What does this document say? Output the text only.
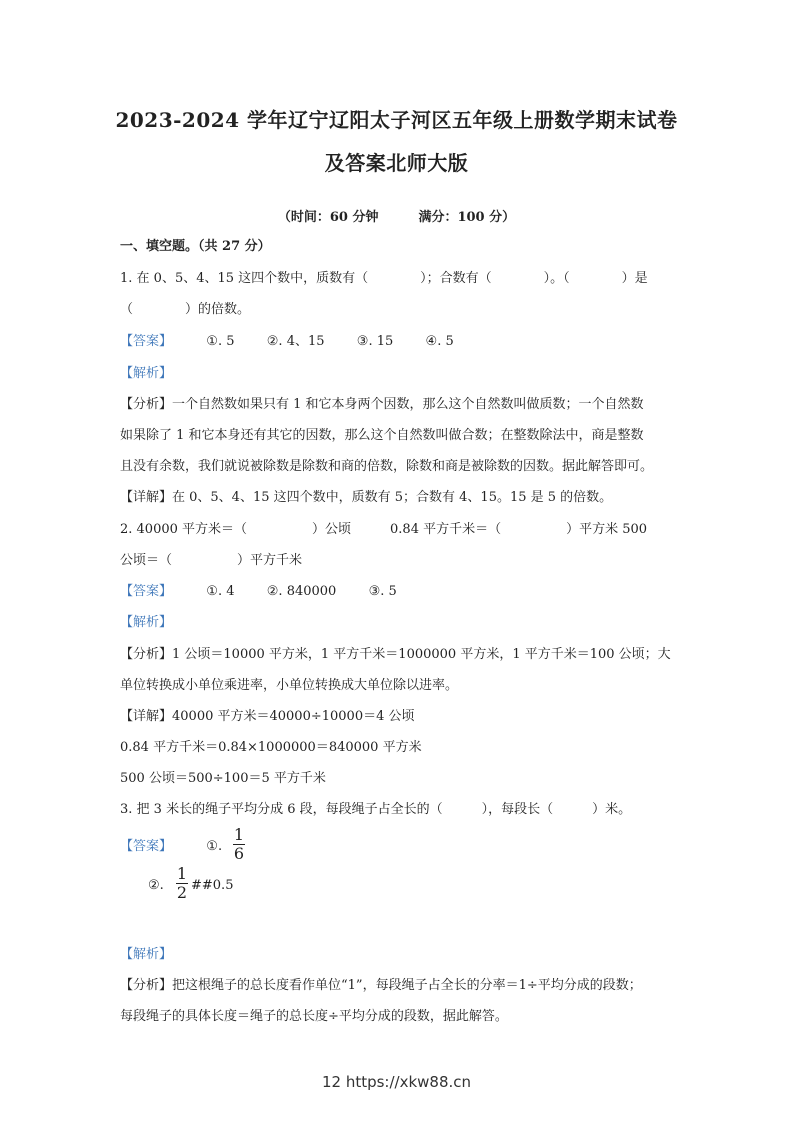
2023-2024 学年辽宁辽阳太子河区五年级上册数学期末试卷
及答案北师大版
（时间：60 分钟	满分：100 分）
一、填空题。（共 27 分）
1. 在 0、5、4、15 这四个数中，质数有（　　　　）；合数有（　　　　）。（　　　　）是
（　　　　）的倍数。
【答案】	①. 5 ②. 4、15 ③. 15 ④. 5
【解析】
【分析】一个自然数如果只有 1 和它本身两个因数，那么这个自然数叫做质数；一个自然数
如果除了 1 和它本身还有其它的因数，那么这个自然数叫做合数；在整数除法中，商是整数
且没有余数，我们就说被除数是除数和商的倍数，除数和商是被除数的因数。据此解答即可。
【详解】在 0、5、4、15 这四个数中，质数有 5；合数有 4、15。15 是 5 的倍数。
2. 40000 平方米＝（　　　　　）公顷　　　0.84 平方千米＝（　　　　　）平方米 500
公顷＝（　　　　　）平方千米
【答案】	①. 4 ②. 840000 ③. 5
【解析】
【分析】1 公顷＝10000 平方米，1 平方千米＝1000000 平方米，1 平方千米＝100 公顷；大
单位转换成小单位乘进率，小单位转换成大单位除以进率。
【详解】40000 平方米＝40000÷10000＝4 公顷
0.84 平方千米＝0.84×1000000＝840000 平方米
500 公顷＝500÷100＝5 平方千米
3. 把 3 米长的绳子平均分成 6 段，每段绳子占全长的（　　　），每段长（　　　）米。
【答案】	①.
1
6
②.
1
2 ##0.5
【解析】
【分析】把这根绳子的总长度看作单位“1”，每段绳子占全长的分率＝1÷平均分成的段数；
每段绳子的具体长度＝绳子的总长度÷平均分成的段数，据此解答。
12 https://xkw88.cn
